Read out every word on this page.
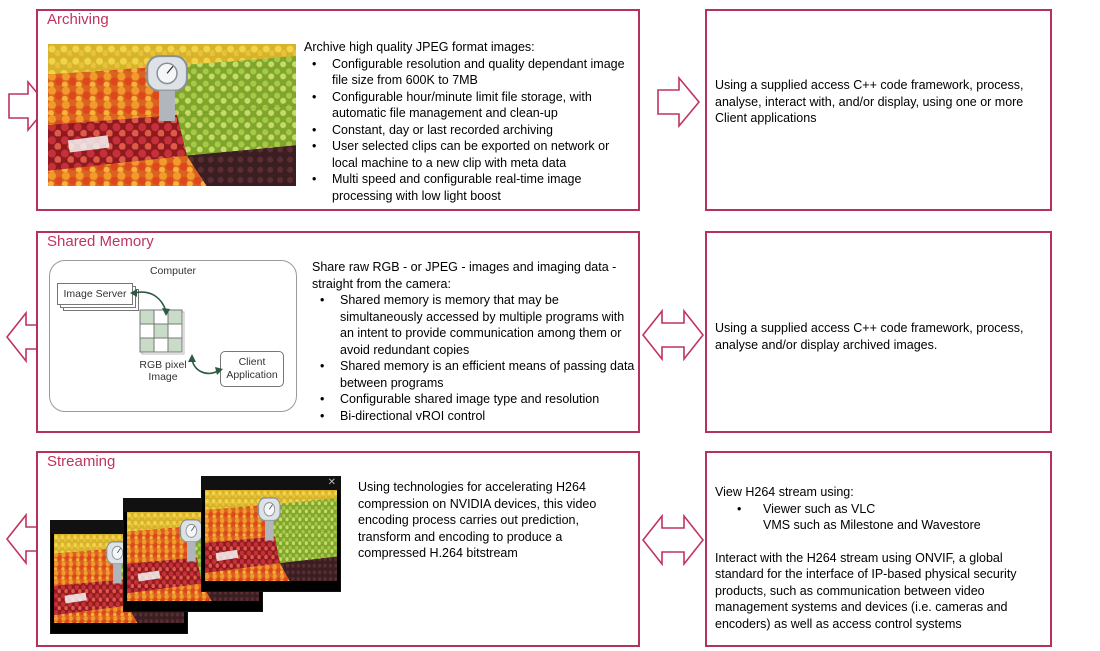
Archiving
Archive high quality JPEG format images:
• Configurable resolution and quality dependant image file size from 600K to 7MB
• Configurable hour/minute limit file storage, with automatic file management and clean-up
• Constant, day or last recorded archiving
• User selected clips can be exported on network or local machine to a new clip with meta data
• Multi speed and configurable real-time image processing with low light boost
Using a supplied access C++ code framework, process, analyse, interact with, and/or display, using one or more Client applications
Shared Memory
Computer
Image Server
RGB pixel
Image
Client
Application
Share raw RGB - or JPEG - images and imaging data - straight from the camera:
• Shared memory is memory that may be simultaneously accessed by multiple programs with an intent to provide communication among them or avoid redundant copies
• Shared memory is an efficient means of passing data between programs
• Configurable shared image type and resolution
• Bi-directional vROI control
Using a supplied access C++ code framework, process, analyse and/or display archived images.
Streaming
✕ Using technologies for accelerating H264 compression on NVIDIA devices, this video encoding process carries out prediction, transform and encoding to produce a compressed H.264 bitstream
View H264 stream using:
• Viewer such as VLC
VMS such as Milestone and Wavestore
Interact with the H264 stream using ONVIF, a global standard for the interface of IP-based physical security products, such as communication between video management systems and devices (i.e. cameras and encoders) as well as access control systems
